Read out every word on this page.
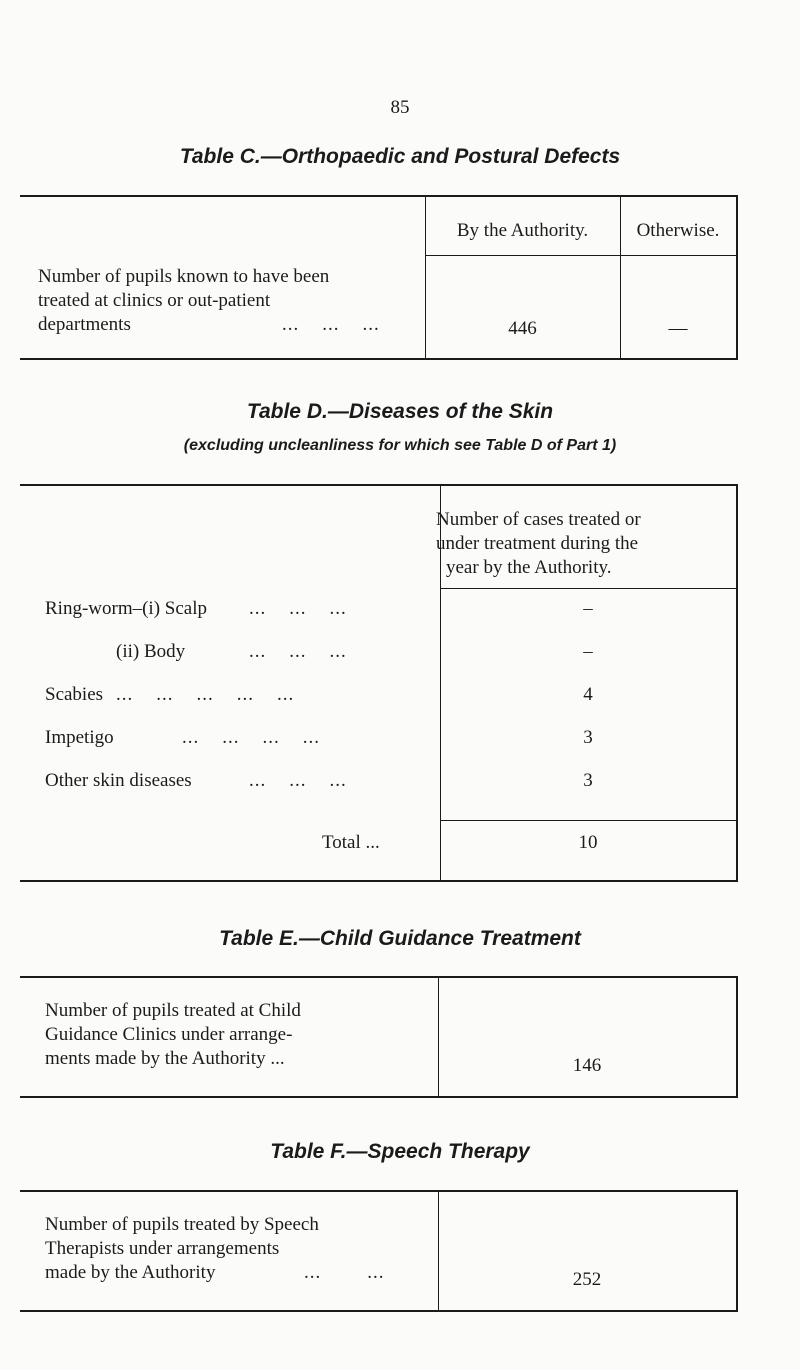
85
Table C.—Orthopaedic and Postural Defects
By the Authority.	Otherwise.
Number of pupils known to have been
treated at clinics or out-patient
departments	...    ...    ...	446	—
Table D.—Diseases of the Skin
(excluding uncleanliness for which see Table D of Part 1)
Number of cases treated or
under treatment during the
year by the Authority.
Ring-worm–(i) Scalp ...    ...    ...	–
(ii) Body	...    ...    ...	–
Scabies ...    ...    ...    ...    ...	4
Impetigo	...    ...    ...    ...	3
Other skin diseases	...    ...    ...	3
Total ...	10
Table E.—Child Guidance Treatment
Number of pupils treated at Child
Guidance Clinics under arrange-
ments made by the Authority ...	146
Table F.—Speech Therapy
Number of pupils treated by Speech
Therapists under arrangements
made by the Authority	...        ...	252
